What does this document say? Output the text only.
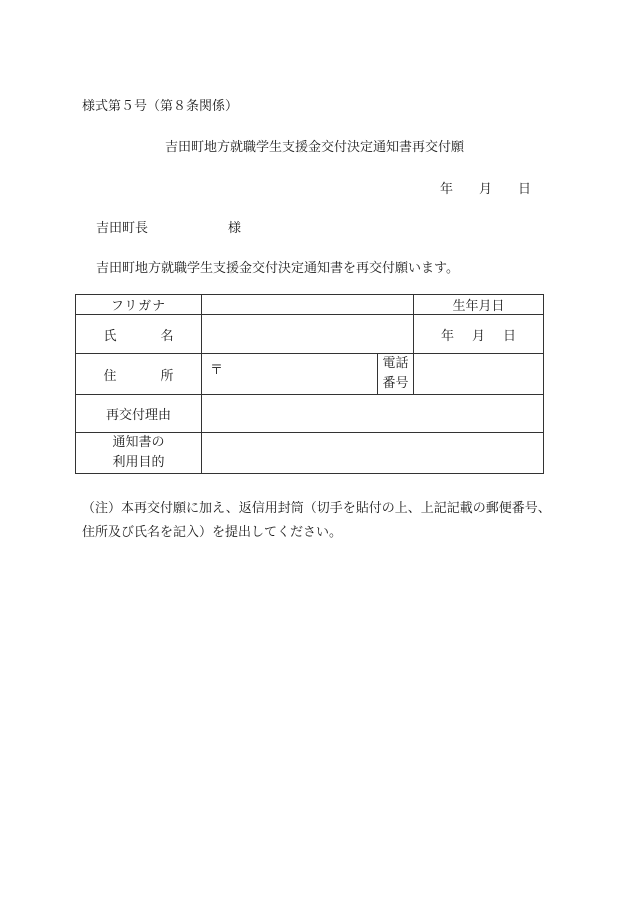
様式第５号（第８条関係）
吉田町地方就職学生支援金交付決定通知書再交付願
年 月 日
吉田町長	様
吉田町地方就職学生支援金交付決定通知書を再交付願います。
フリガナ			生年月日
氏名			年 月 日
住所	〒	電話
番号	

再交付理由			

通知書の
利用目的			

（注）本再交付願に加え、返信用封筒（切手を貼付の上、上記記載の郵便番号、
住所及び氏名を記入）を提出してください。
